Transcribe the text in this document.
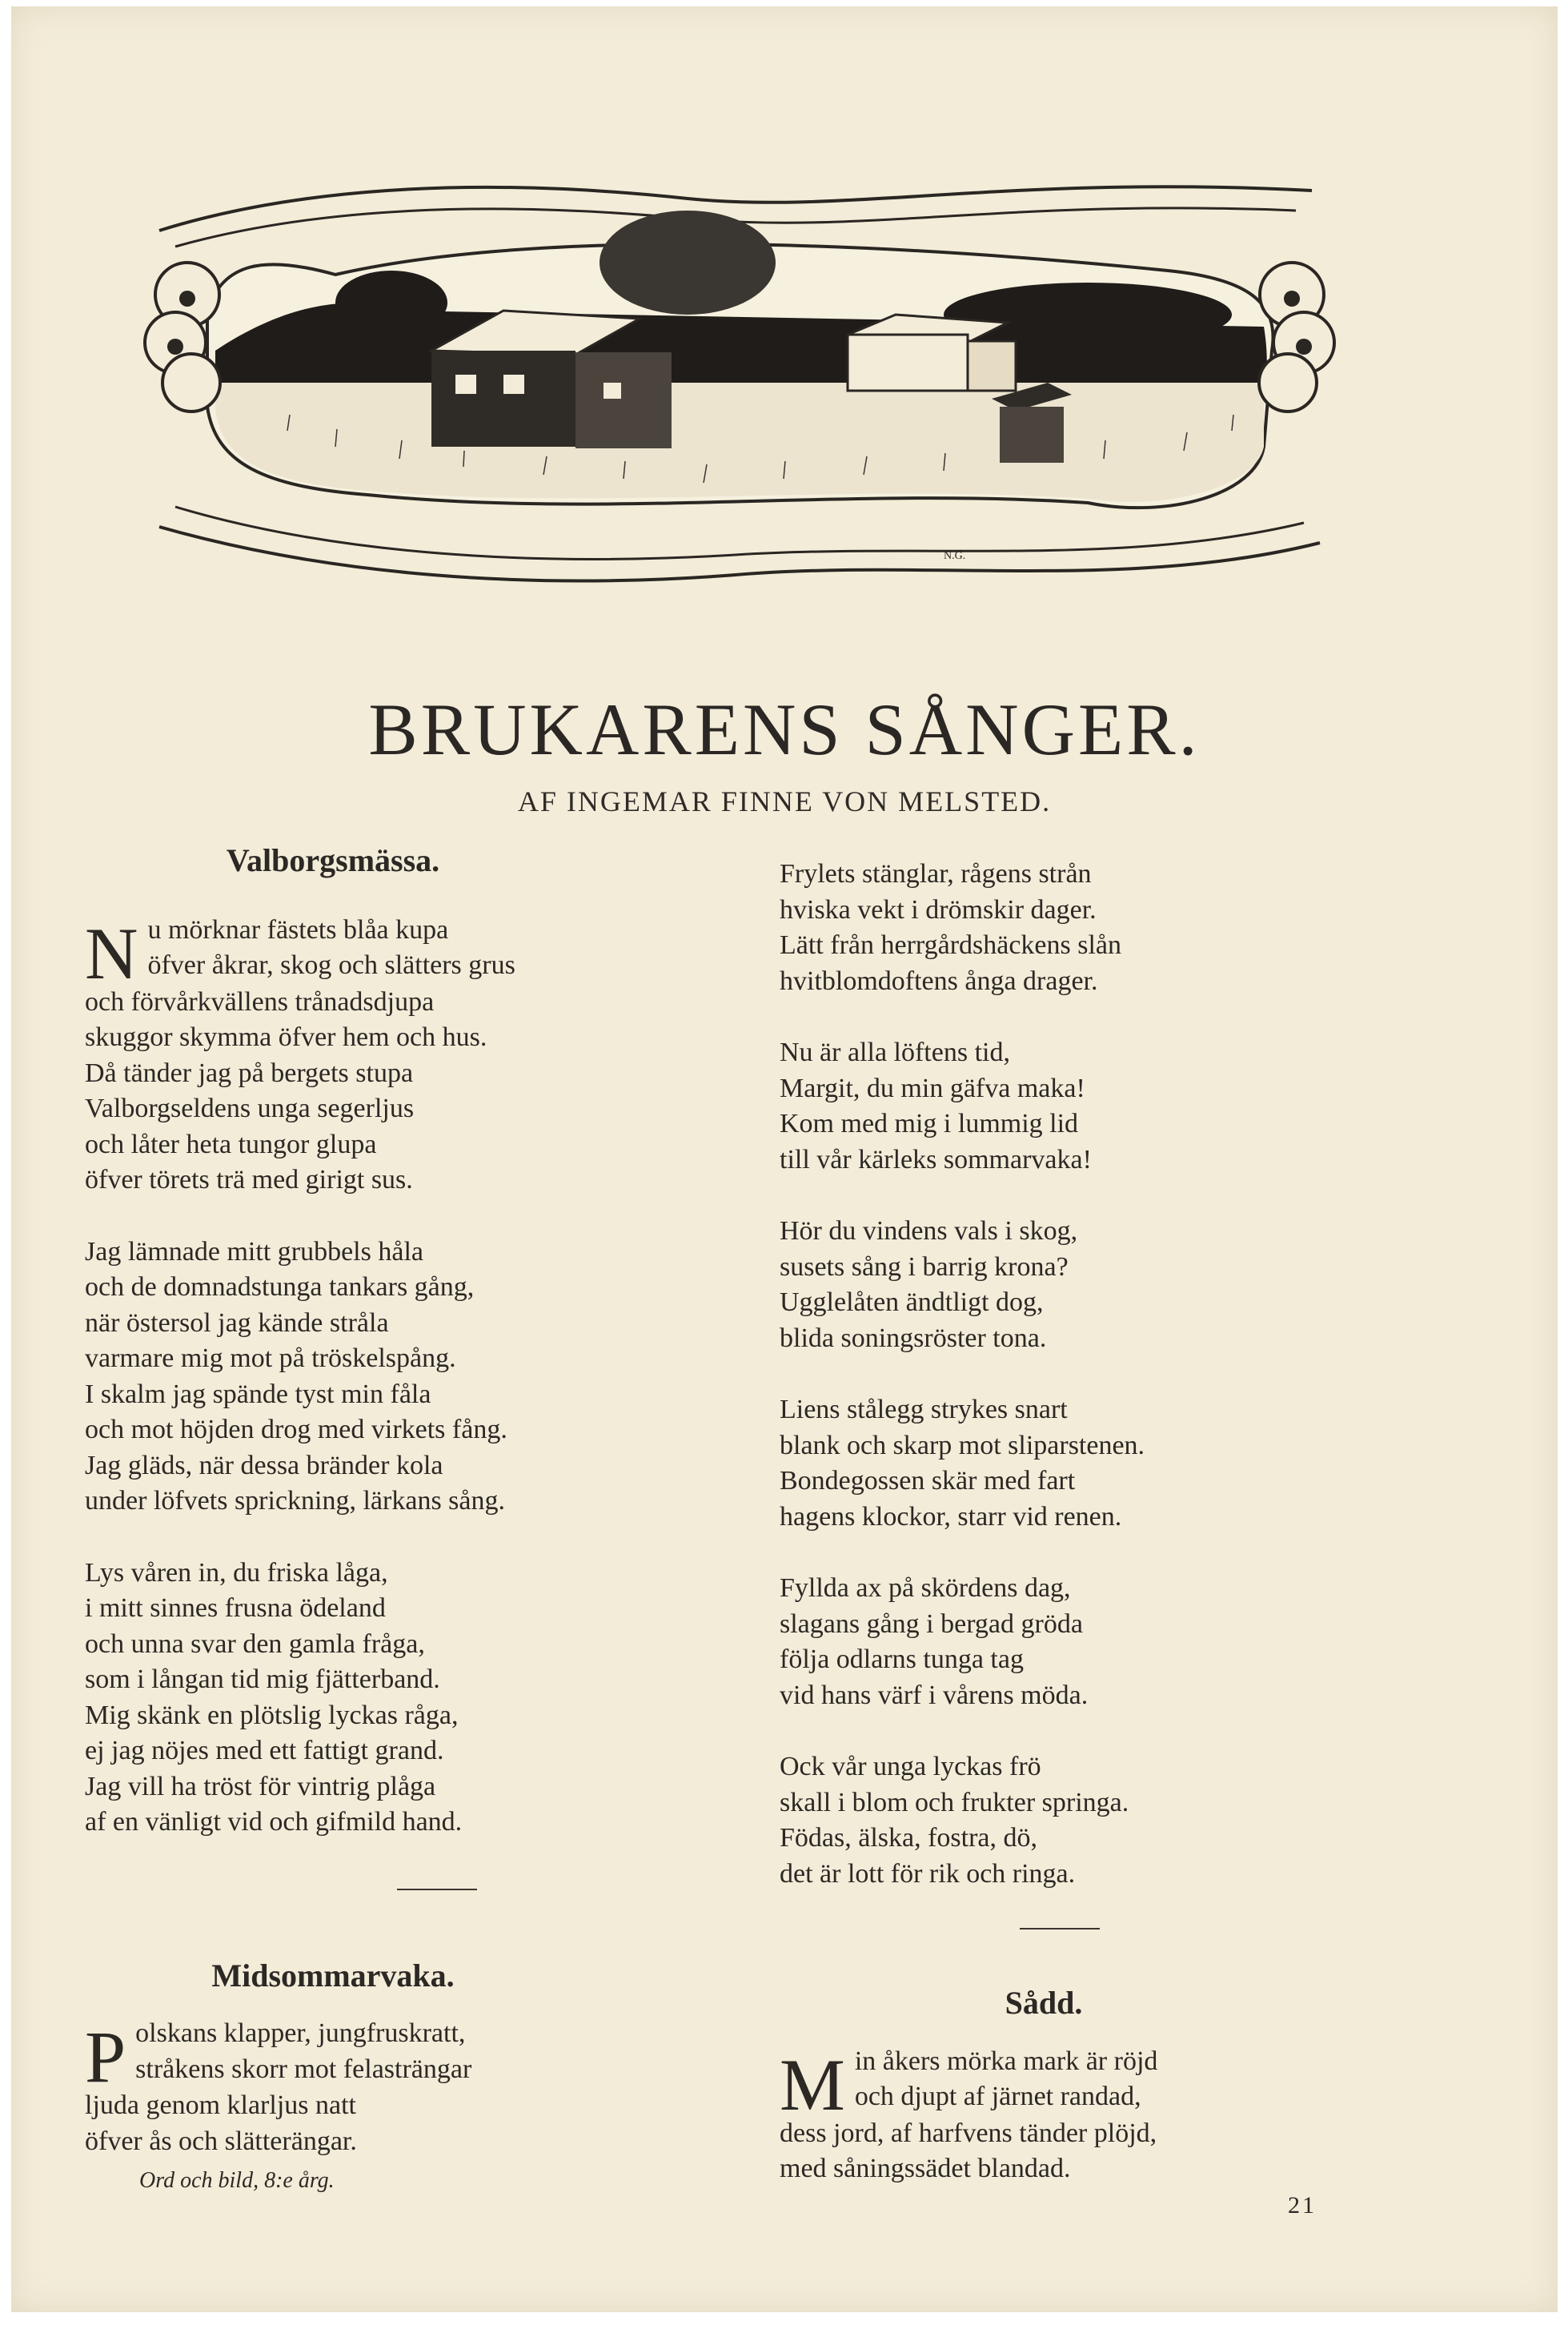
N.G.
BRUKARENS SÅNGER.
AF INGEMAR FINNE VON MELSTED.

Valborgsmässa.

N u mörknar fästets blåa kupa

öfver åkrar, skog och slätters grus

och förvårkvällens trånadsdjupa

skuggor skymma öfver hem och hus.

Då tänder jag på bergets stupa

Valborgseldens unga segerljus

och låter heta tungor glupa

öfver törets trä med girigt sus.

Jag lämnade mitt grubbels håla

och de domnadstunga tankars gång,

när östersol jag kände stråla

varmare mig mot på tröskelspång.

I skalm jag spände tyst min fåla

och mot höjden drog med virkets fång.

Jag gläds, när dessa bränder kola

under löfvets sprickning, lärkans sång.

Lys våren in, du friska låga,

i mitt sinnes frusna ödeland

och unna svar den gamla fråga,

som i långan tid mig fjätterband.

Mig skänk en plötslig lyckas råga,

ej jag nöjes med ett fattigt grand.

Jag vill ha tröst för vintrig plåga

af en vänligt vid och gifmild hand.

Midsommarvaka.

P olskans klapper, jungfruskratt,

stråkens skorr mot felasträngar

ljuda genom klarljus natt

öfver ås och slätterängar.

Frylets stänglar, rågens strån

hviska vekt i drömskir dager.

Lätt från herrgårdshäckens slån

hvitblomdoftens ånga drager.

Nu är alla löftens tid,

Margit, du min gäfva maka!

Kom med mig i lummig lid

till vår kärleks sommarvaka!

Hör du vindens vals i skog,

susets sång i barrig krona?

Ugglelåten ändtligt dog,

blida soningsröster tona.

Liens stålegg strykes snart

blank och skarp mot sliparstenen.

Bondegossen skär med fart

hagens klockor, starr vid renen.

Fyllda ax på skördens dag,

slagans gång i bergad gröda

följa odlarns tunga tag

vid hans värf i vårens möda.

Ock vår unga lyckas frö

skall i blom och frukter springa.

Födas, älska, fostra, dö,

det är lott för rik och ringa.

Sådd.

M in åkers mörka mark är röjd

och djupt af järnet randad,

dess jord, af harfvens tänder plöjd,

med såningssädet blandad.

Ord och bild, 8:e årg.
21
